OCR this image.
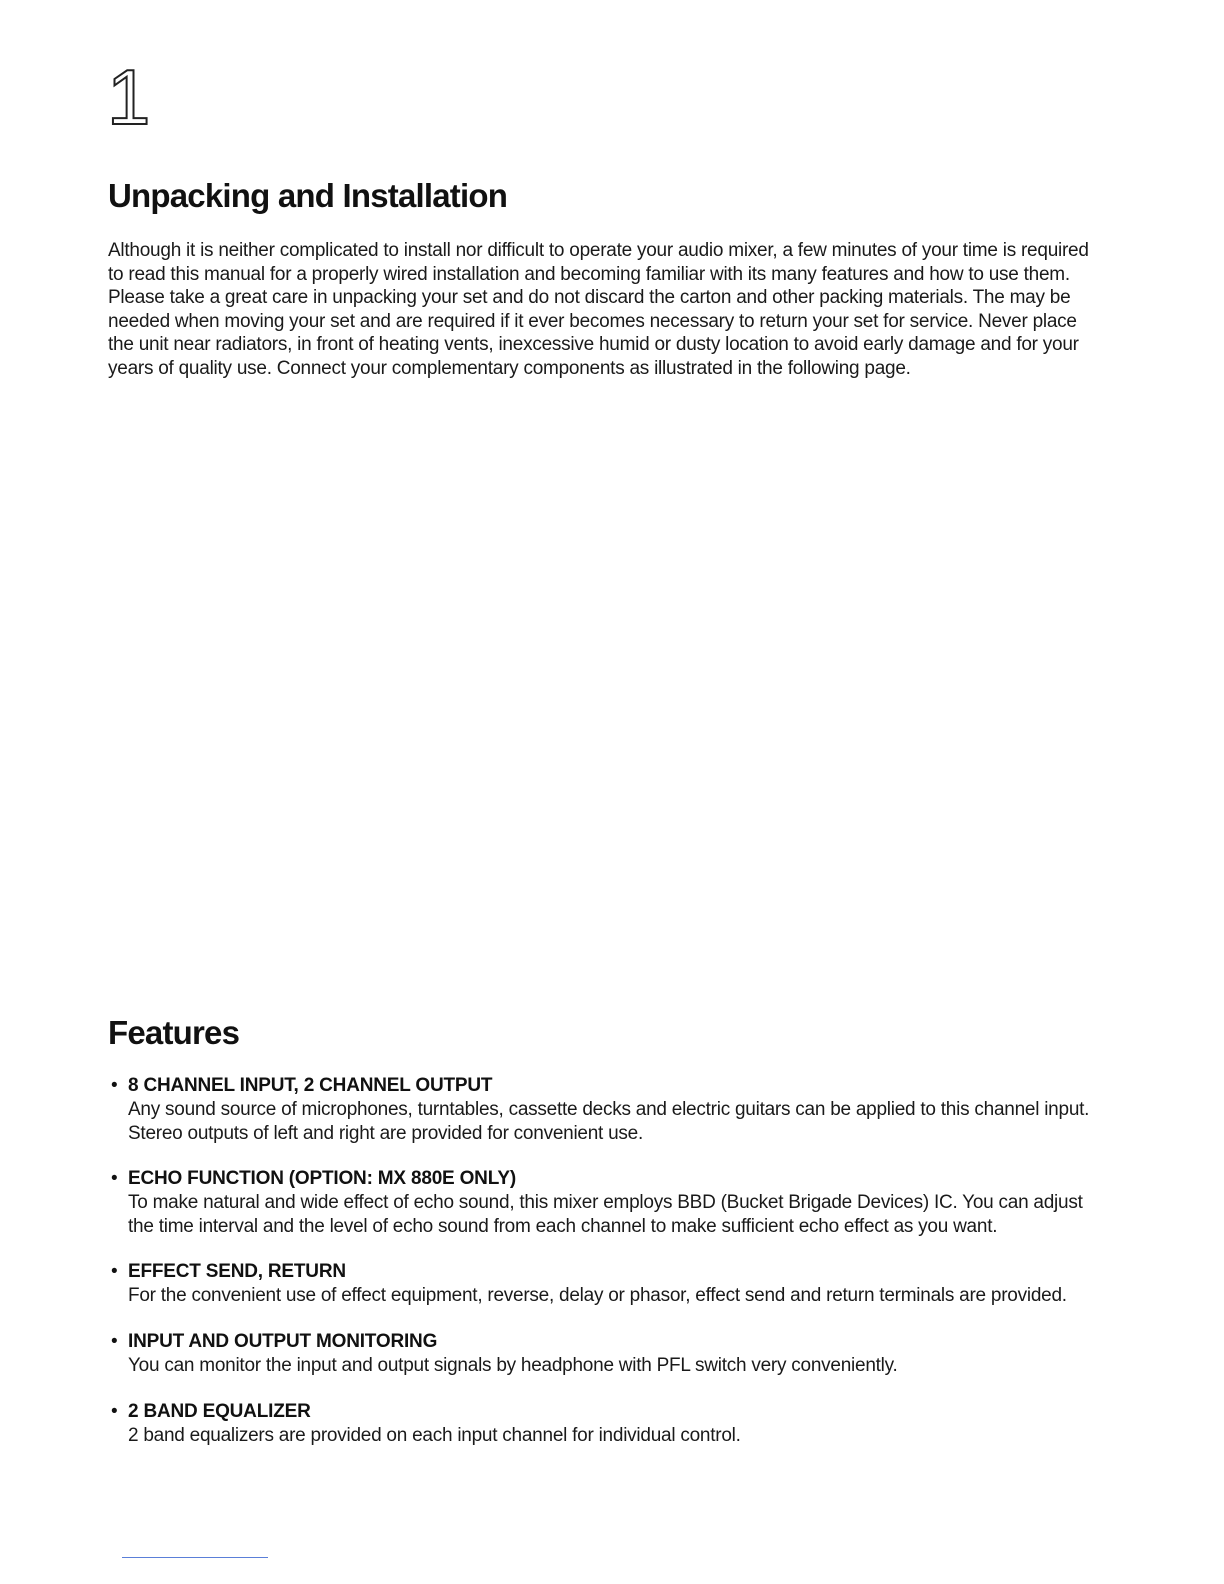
1
Unpacking and Installation

Although it is neither complicated to install nor difficult to operate your audio mixer, a few minutes of your time is required to read this manual for a properly wired installation and becoming familiar with its many features and how to use them.

Please take a great care in unpacking your set and do not discard the carton and other packing materials. The may be needed when moving your set and are required if it ever becomes necessary to return your set for service. Never place the unit near radiators, in front of heating vents, inexcessive humid or dusty location to avoid early damage and for your years of quality use. Connect your complementary components as illustrated in the following page.

Features
• 8 CHANNEL INPUT, 2 CHANNEL OUTPUT
Any sound source of microphones, turntables, cassette decks and electric guitars can be applied to this channel input. Stereo outputs of left and right are provided for convenient use.
• ECHO FUNCTION (OPTION: MX 880E ONLY)
To make natural and wide effect of echo sound, this mixer employs BBD (Bucket Brigade Devices) IC. You can adjust the time interval and the level of echo sound from each channel to make sufficient echo effect as you want.
• EFFECT SEND, RETURN
For the convenient use of effect equipment, reverse, delay or phasor, effect send and return terminals are provided.
• INPUT AND OUTPUT MONITORING
You can monitor the input and output signals by headphone with PFL switch very conveniently.
• 2 BAND EQUALIZER
2 band equalizers are provided on each input channel for individual control.
